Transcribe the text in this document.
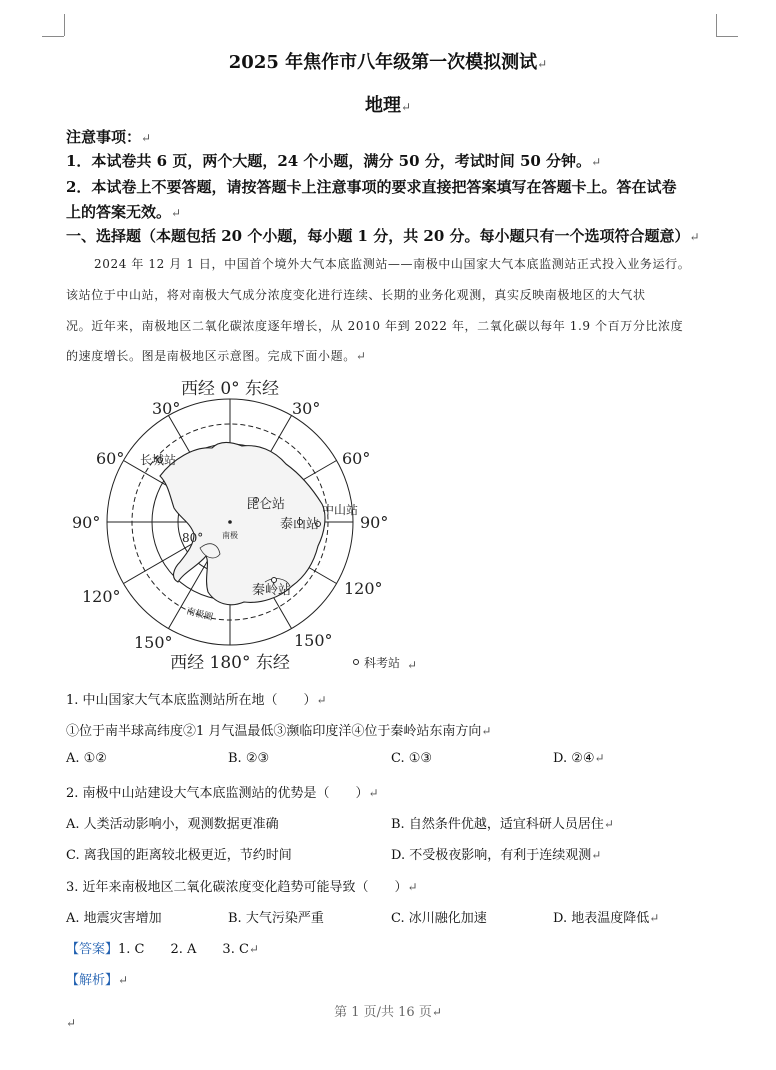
2025 年焦作市八年级第一次模拟测试↵
地理↵
注意事项：↵
1．本试卷共 6 页，两个大题，24 个小题，满分 50 分，考试时间 50 分钟。↵
2．本试卷上不要答题，请按答题卡上注意事项的要求直接把答案填写在答题卡上。答在试卷
上的答案无效。↵
一、选择题（本题包括 20 个小题，每小题 1 分，共 20 分。每小题只有一个选项符合题意）↵
2024 年 12 月 1 日，中国首个境外大气本底监测站——南极中山国家大气本底监测站正式投入业务运行。
该站位于中山站，将对南极大气成分浓度变化进行连续、长期的业务化观测，真实反映南极地区的大气状
况。近年来，南极地区二氧化碳浓度逐年增长，从 2010 年到 2022 年，二氧化碳以每年 1.9 个百万分比浓度
的速度增长。图是南极地区示意图。完成下面小题。↵
西经 0° 东经
西经 180° 东经
30°	30°
60°	60°
90°	90°
120°	120°
150°	150°
80° 南极
南极圈
长城站
昆仑站	中山站
泰山站
秦岭站
科考站 ↵
1. 中山国家大气本底监测站所在地（　　）↵
①位于南半球高纬度②1 月气温最低③濒临印度洋④位于秦岭站东南方向↵
A. ①②	B. ②③	C. ①③	D. ②④↵
2. 南极中山站建设大气本底监测站的优势是（　　）↵
A. 人类活动影响小，观测数据更准确	B. 自然条件优越，适宜科研人员居住↵
C. 离我国的距离较北极更近，节约时间	D. 不受极夜影响，有利于连续观测↵
3. 近年来南极地区二氧化碳浓度变化趋势可能导致（　　）↵
A. 地震灾害增加	B. 大气污染严重	C. 冰川融化加速	D. 地表温度降低↵
【答案】1. C　　2. A　　3. C↵
【解析】↵
第 1 页/共 16 页↵
↵
